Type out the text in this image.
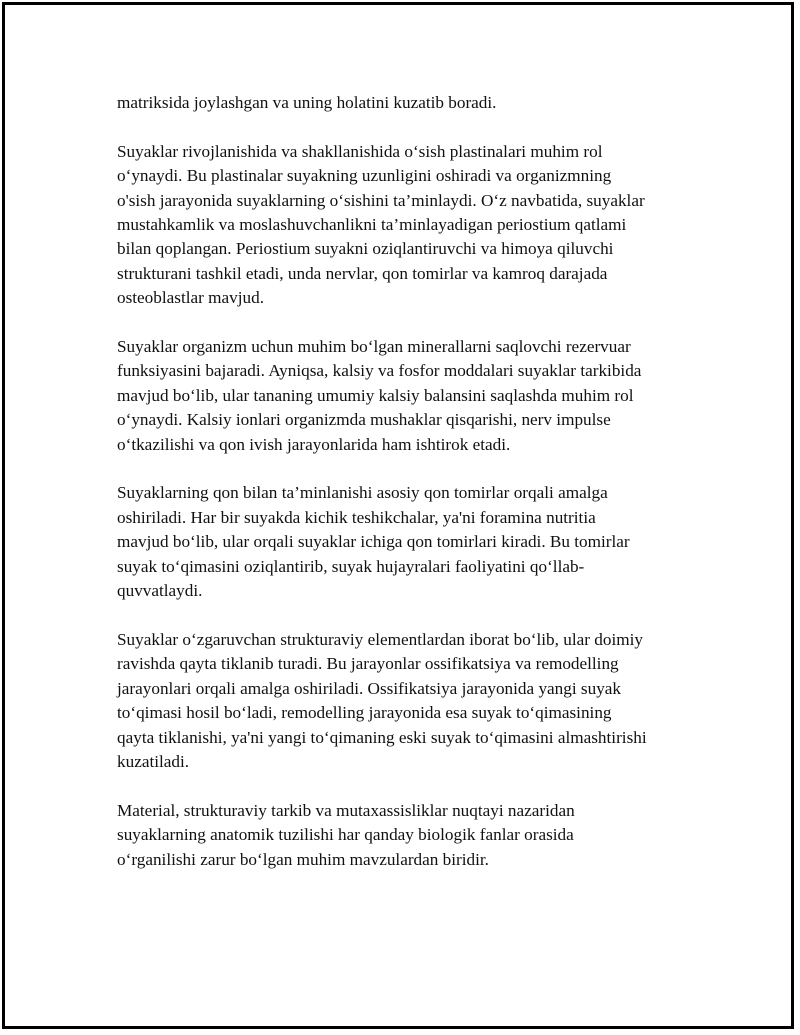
matriksida joylashgan va uning holatini kuzatib boradi.

Suyaklar rivojlanishida va shakllanishida o‘sish plastinalari muhim rol
o‘ynaydi. Bu plastinalar suyakning uzunligini oshiradi va organizmning
o'sish jarayonida suyaklarning o‘sishini ta’minlaydi. O‘z navbatida, suyaklar
mustahkamlik va moslashuvchanlikni ta’minlayadigan periostium qatlami
bilan qoplangan. Periostium suyakni oziqlantiruvchi va himoya qiluvchi
strukturani tashkil etadi, unda nervlar, qon tomirlar va kamroq darajada
osteoblastlar mavjud.

Suyaklar organizm uchun muhim bo‘lgan minerallarni saqlovchi rezervuar
funksiyasini bajaradi. Ayniqsa, kalsiy va fosfor moddalari suyaklar tarkibida
mavjud bo‘lib, ular tananing umumiy kalsiy balansini saqlashda muhim rol
o‘ynaydi. Kalsiy ionlari organizmda mushaklar qisqarishi, nerv impulse
o‘tkazilishi va qon ivish jarayonlarida ham ishtirok etadi.

Suyaklarning qon bilan ta’minlanishi asosiy qon tomirlar orqali amalga
oshiriladi. Har bir suyakda kichik teshikchalar, ya'ni foramina nutritia
mavjud bo‘lib, ular orqali suyaklar ichiga qon tomirlari kiradi. Bu tomirlar
suyak to‘qimasini oziqlantirib, suyak hujayralari faoliyatini qo‘llab-
quvvatlaydi.

Suyaklar o‘zgaruvchan strukturaviy elementlardan iborat bo‘lib, ular doimiy
ravishda qayta tiklanib turadi. Bu jarayonlar ossifikatsiya va remodelling
jarayonlari orqali amalga oshiriladi. Ossifikatsiya jarayonida yangi suyak
to‘qimasi hosil bo‘ladi, remodelling jarayonida esa suyak to‘qimasining
qayta tiklanishi, ya'ni yangi to‘qimaning eski suyak to‘qimasini almashtirishi
kuzatiladi.

Material, strukturaviy tarkib va mutaxassisliklar nuqtayi nazaridan
suyaklarning anatomik tuzilishi har qanday biologik fanlar orasida
o‘rganilishi zarur bo‘lgan muhim mavzulardan biridir.
